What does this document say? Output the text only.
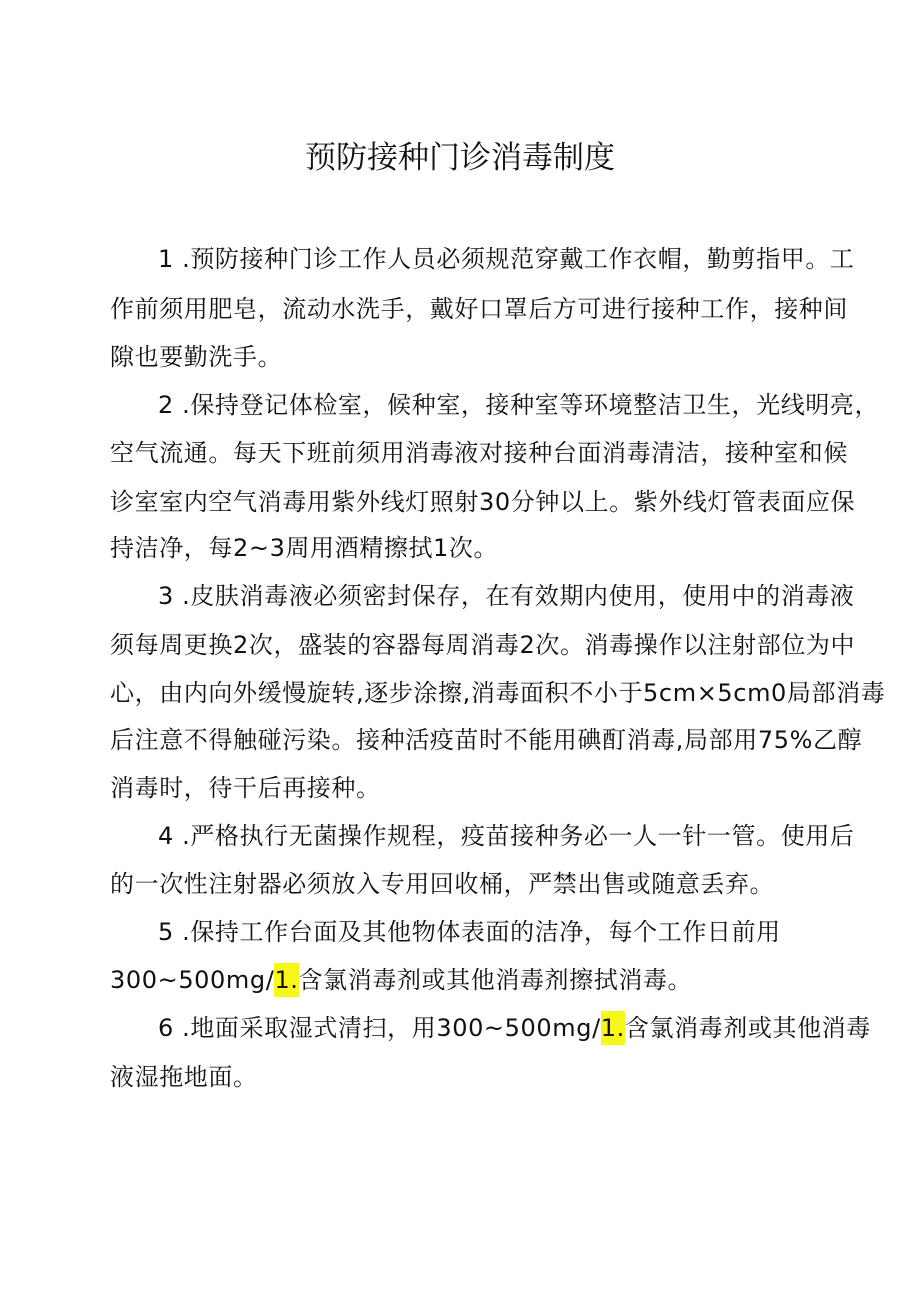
预防接种门诊消毒制度
1 .预防接种门诊工作人员必须规范穿戴工作衣帽，勤剪指甲。工
作前须用肥皂，流动水洗手，戴好口罩后方可进行接种工作，接种间
隙也要勤洗手。
2 .保持登记体检室，候种室，接种室等环境整洁卫生，光线明亮，
空气流通。每天下班前须用消毒液对接种台面消毒清洁，接种室和候
诊室室内空气消毒用紫外线灯照射30分钟以上。紫外线灯管表面应保
持洁净，每2~3周用酒精擦拭1次。
3 .皮肤消毒液必须密封保存，在有效期内使用，使用中的消毒液
须每周更换2次，盛装的容器每周消毒2次。消毒操作以注射部位为中
心，由内向外缓慢旋转,逐步涂擦,消毒面积不小于5cm×5cm0局部消毒
后注意不得触碰污染。接种活疫苗时不能用碘酊消毒,局部用75%乙醇
消毒时，待干后再接种。
4 .严格执行无菌操作规程，疫苗接种务必一人一针一管。使用后
的一次性注射器必须放入专用回收桶，严禁出售或随意丢弃。
5 .保持工作台面及其他物体表面的洁净，每个工作日前用
300~500mg/1.含氯消毒剂或其他消毒剂擦拭消毒。
6 .地面采取湿式清扫，用300~500mg/1.含氯消毒剂或其他消毒
液湿拖地面。
